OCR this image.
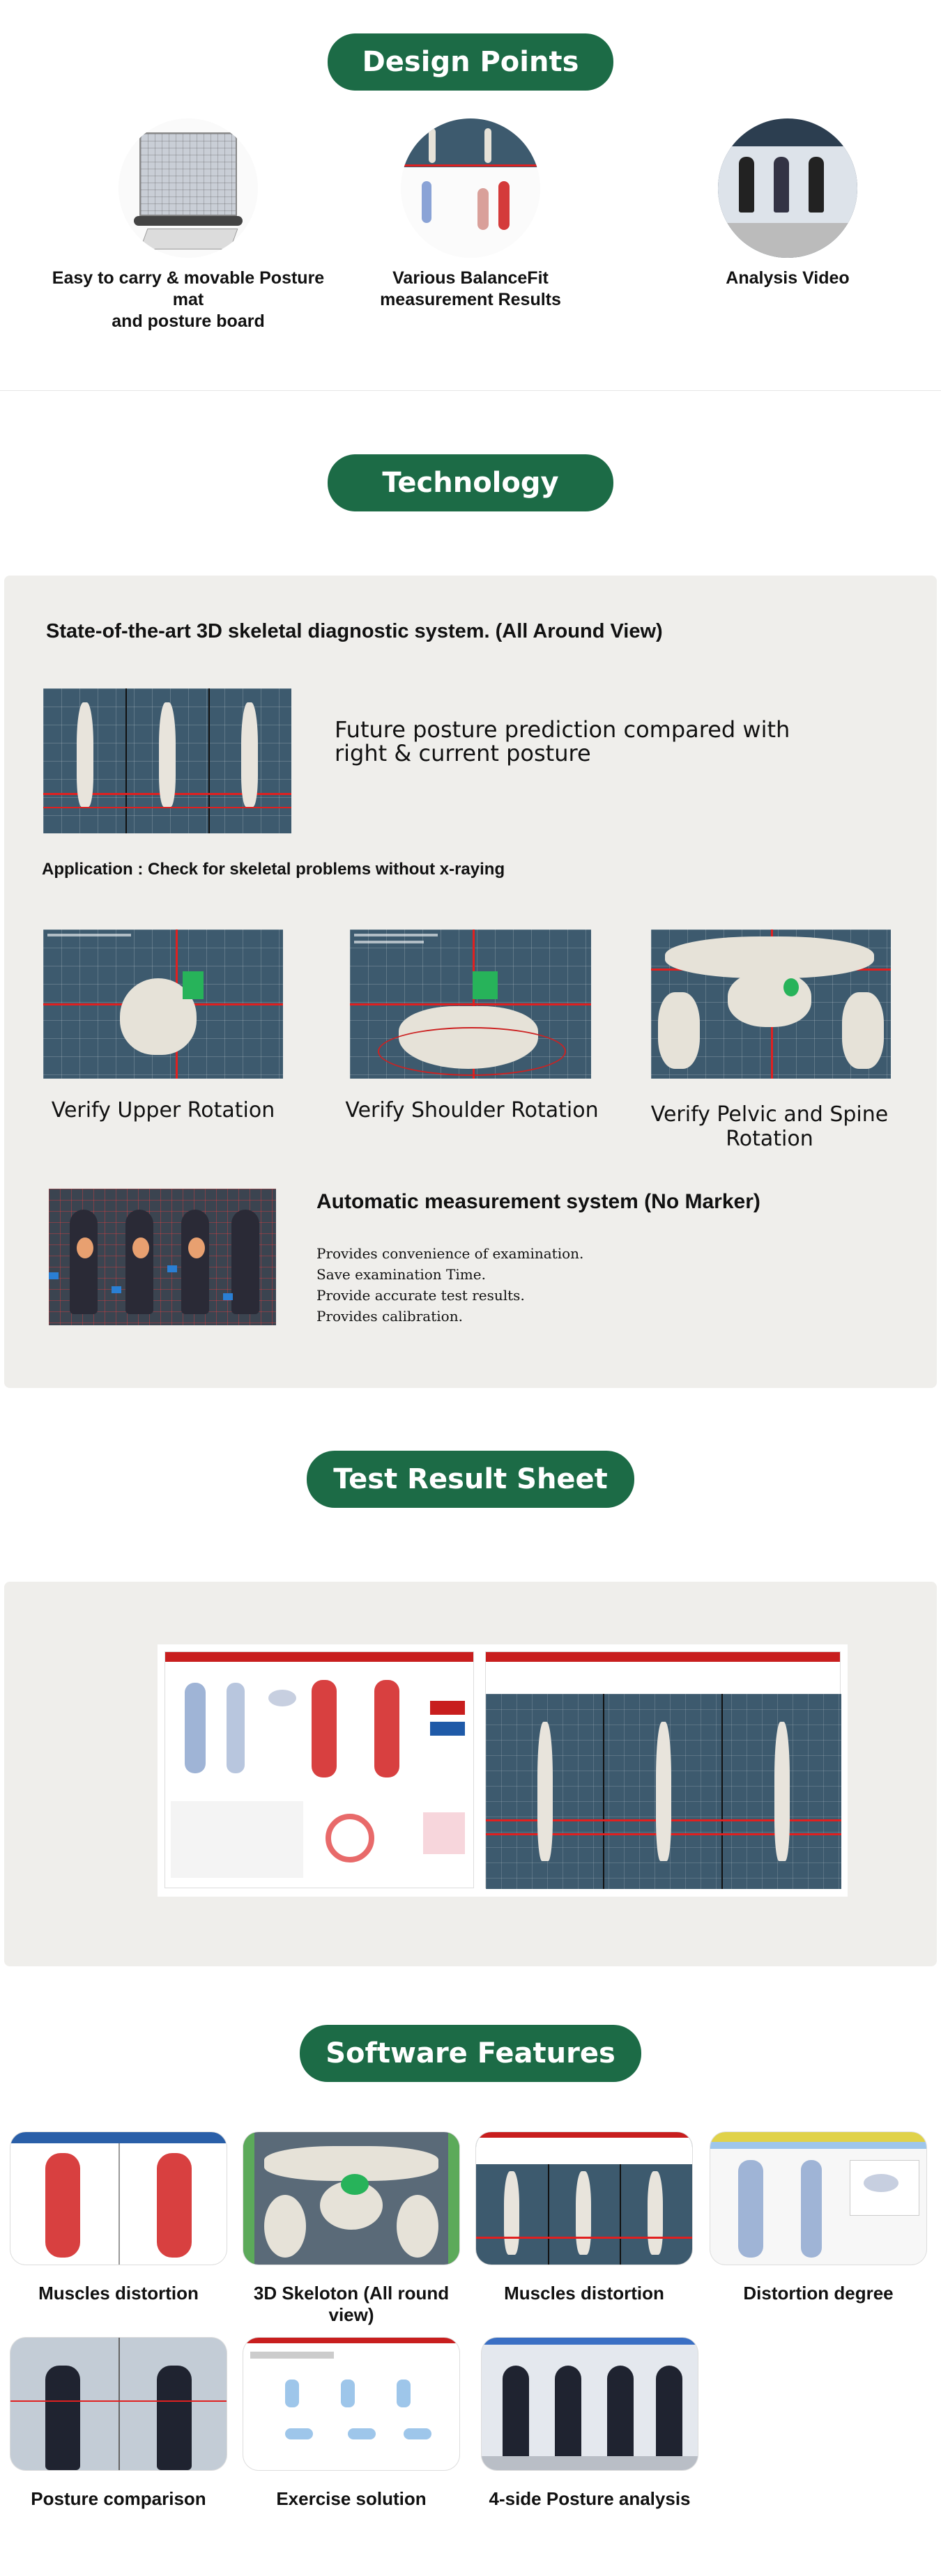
Design Points
Easy to carry & movable Posture mat
and posture board
Various BalanceFit
measurement Results
Analysis Video
Technology
State-of-the-art 3D skeletal diagnostic system. (All Around View)
Future posture prediction compared with
right & current posture
Application : Check for skeletal problems without x-raying
Verify Upper Rotation	Verify Shoulder Rotation	Verify Pelvic and Spine Rotation
Automatic measurement system (No Marker)
Provides convenience of examination.
Save examination Time.
Provide accurate test results.
Provides calibration.
Test Result Sheet
Software Features
Muscles distortion	3D Skeloton (All round view)
Muscles distortion	Distortion degree
Posture comparison	Exercise solution	4-side Posture analysis
